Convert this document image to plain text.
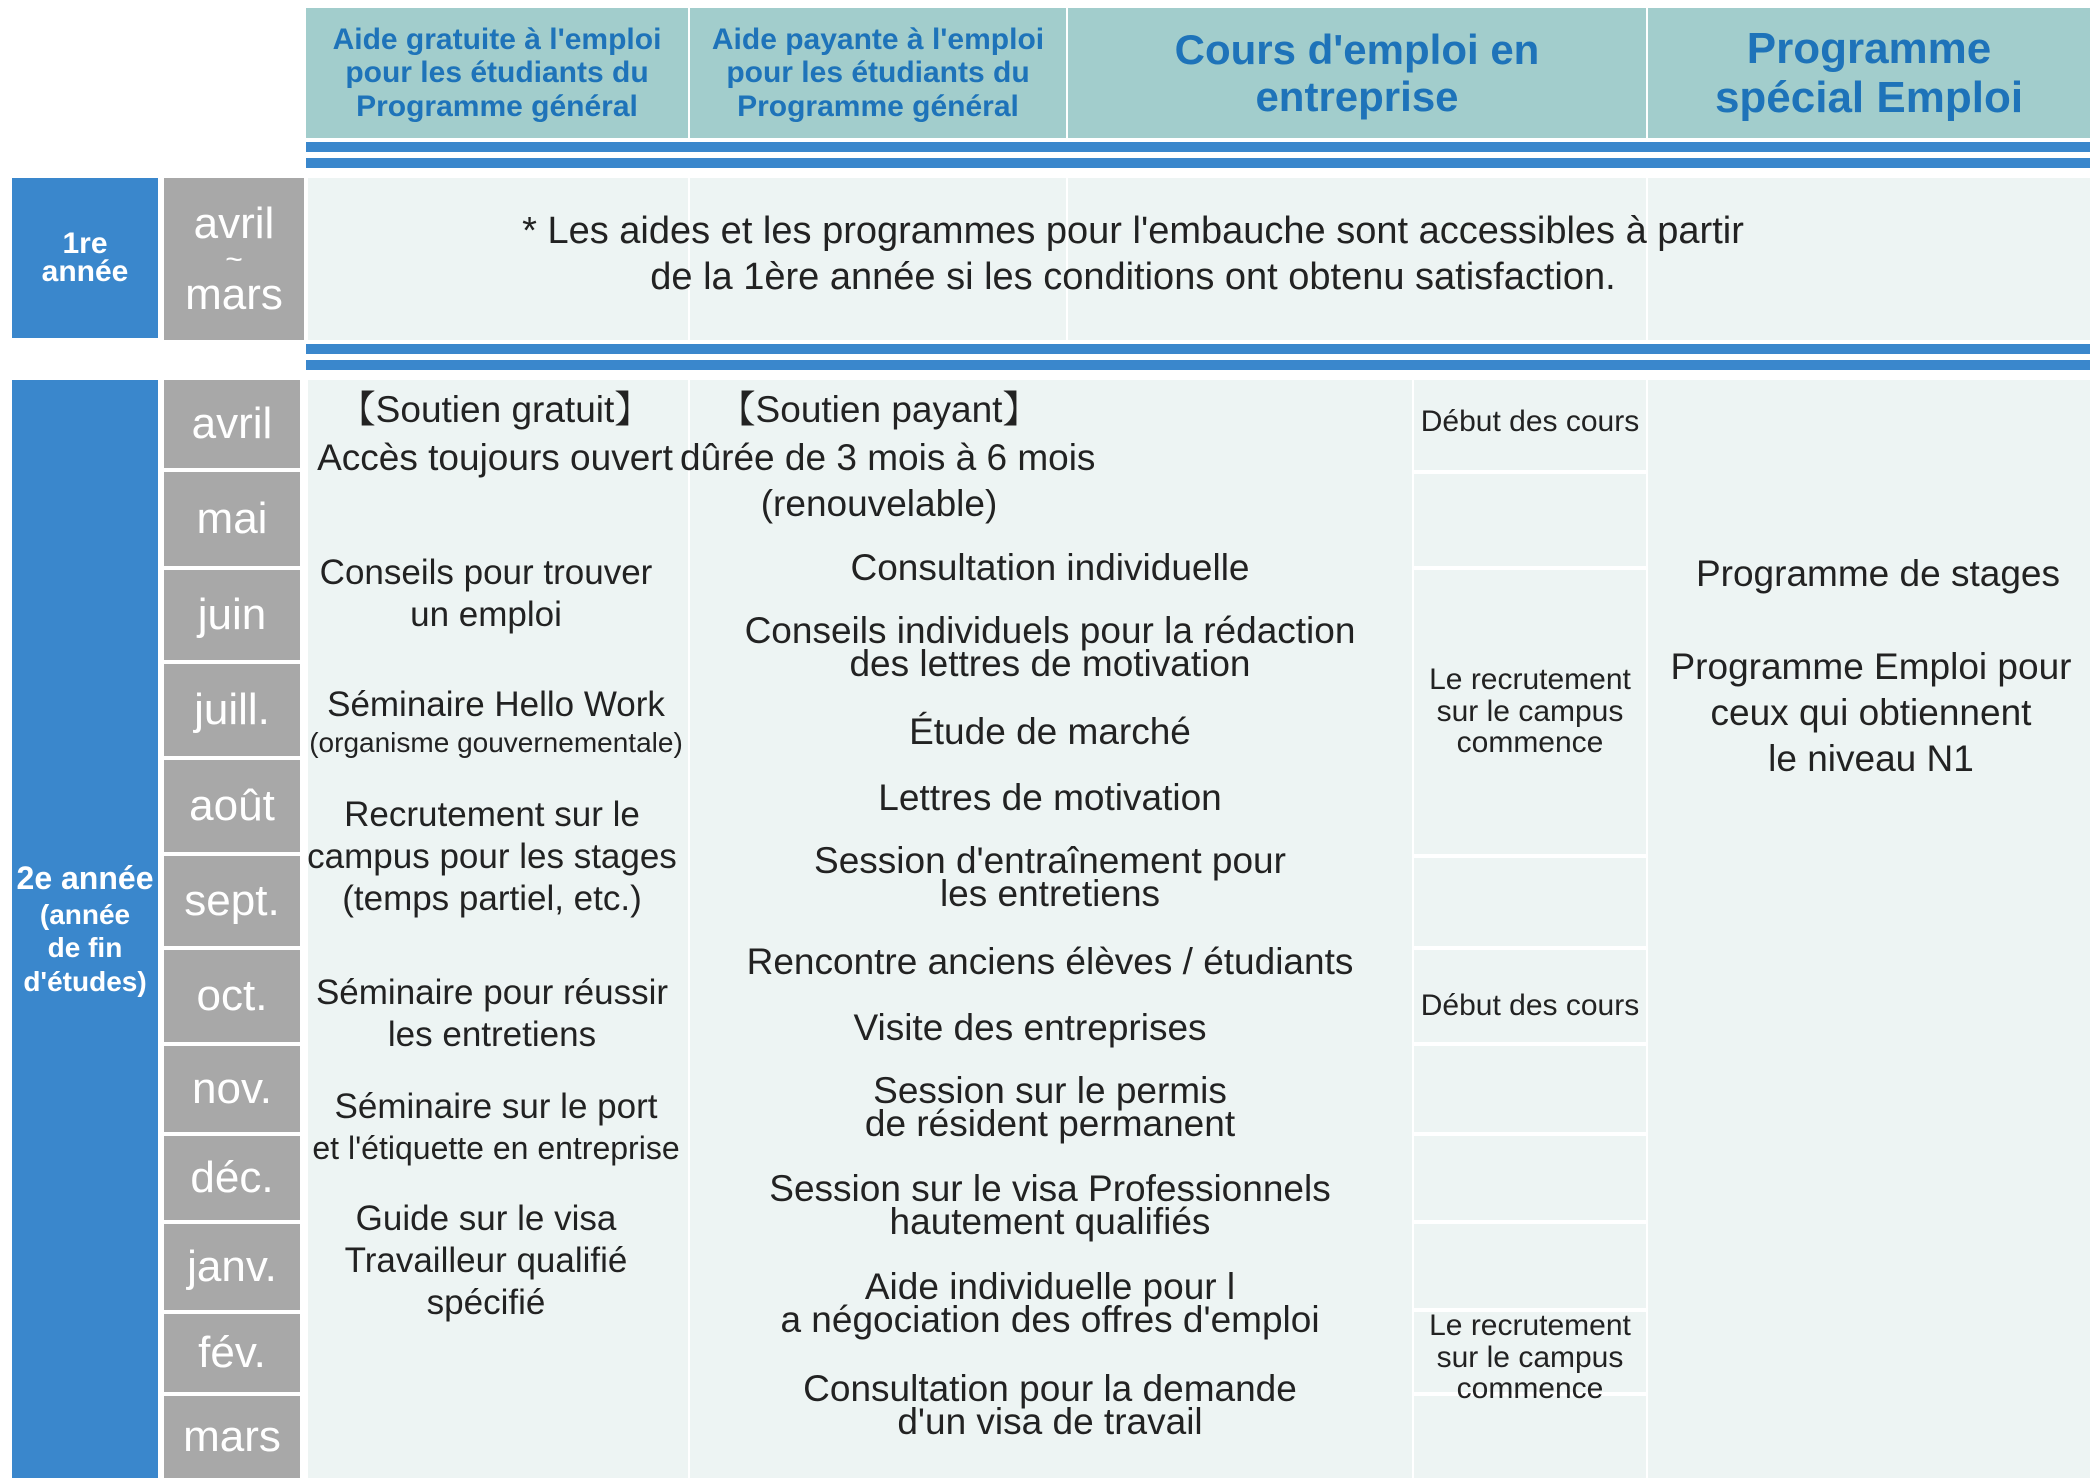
Aide gratuite à l'emploi
pour les étudiants du
Programme général
Aide payante à l'emploi
pour les étudiants du
Programme général
Cours d'emploi en entreprise
Programme
spécial Emploi
1re
année
avril
~
mars
* Les aides et les programmes pour l'embauche sont accessibles à partir
de la 1ère année si les conditions ont obtenu satisfaction.
2e année
(année
de fin
d'études)
avril
mai
juin
juill.
août
sept.
oct.
nov.
déc.
janv.
fév.
mars
【Soutien gratuit】
Accès toujours ouvert
Conseils pour trouver
un emploi
Séminaire Hello Work
(organisme gouvernementale)
Recrutement sur le
campus pour les stages
(temps partiel, etc.)
Séminaire pour réussir
les entretiens
Séminaire sur le port
et l'étiquette en entreprise
Guide sur le visa
Travailleur qualifié
spécifié
【Soutien payant】
dûrée de 3 mois à 6 mois
(renouvelable)
Consultation individuelle
Conseils individuels pour la rédaction
des lettres de motivation
Étude de marché
Lettres de motivation
Session d'entraînement pour
les entretiens
Rencontre anciens élèves / étudiants
Visite des entreprises
Session sur le permis
de résident permanent
Session sur le visa Professionnels
hautement qualifiés
Aide individuelle pour l
a négociation des offres d'emploi
Consultation pour la demande
d'un visa de travail
Début des cours
Le recrutement
sur le campus
commence
Début des cours
Le recrutement
sur le campus
commence
Programme de stages
Programme Emploi pour
ceux qui obtiennent
le niveau N1
